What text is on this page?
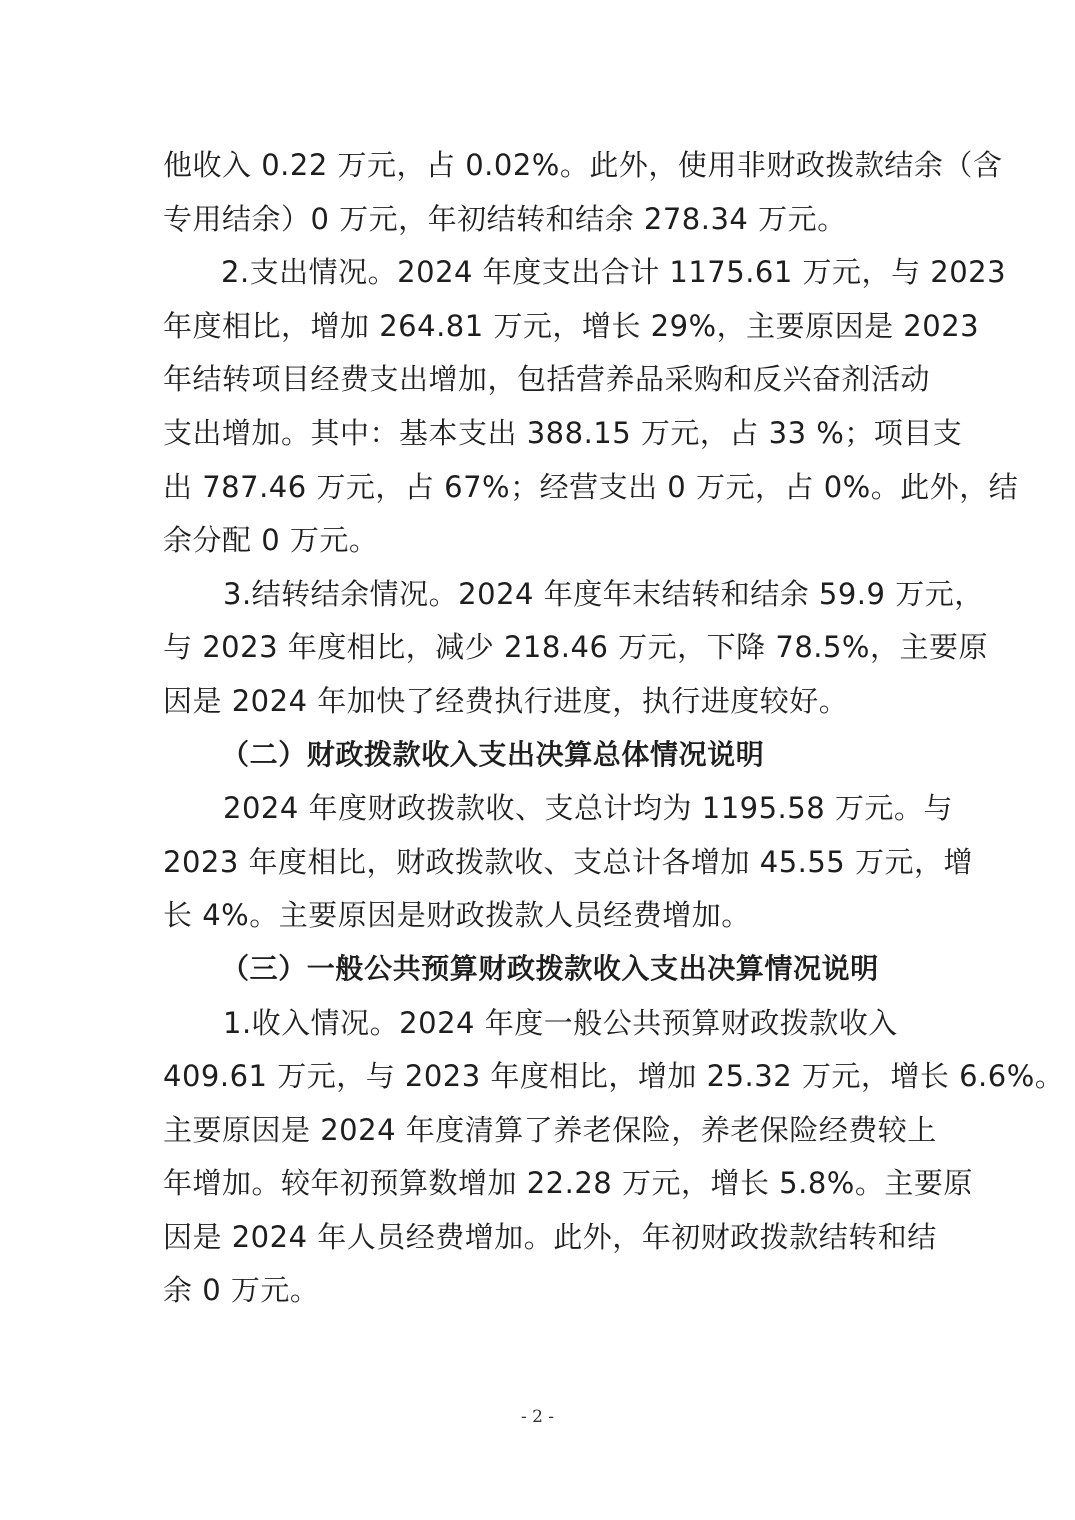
他收入 0.22 万元，占 0.02%。此外，使用非财政拨款结余（含
专用结余）0 万元，年初结转和结余 278.34 万元。
2.支出情况。2024 年度支出合计 1175.61 万元，与 2023
年度相比，增加 264.81 万元，增长 29%，主要原因是 2023
年结转项目经费支出增加，包括营养品采购和反兴奋剂活动
支出增加。其中：基本支出 388.15 万元，占 33 %；项目支
出 787.46 万元，占 67%；经营支出 0 万元，占 0%。此外，结
余分配 0 万元。
3.结转结余情况。2024 年度年末结转和结余 59.9 万元，
与 2023 年度相比，减少 218.46 万元，下降 78.5%，主要原
因是 2024 年加快了经费执行进度，执行进度较好。
（二）财政拨款收入支出决算总体情况说明
2024 年度财政拨款收、支总计均为 1195.58 万元。与
2023 年度相比，财政拨款收、支总计各增加 45.55 万元，增
长 4%。主要原因是财政拨款人员经费增加。
（三）一般公共预算财政拨款收入支出决算情况说明
1.收入情况。2024 年度一般公共预算财政拨款收入
409.61 万元，与 2023 年度相比，增加 25.32 万元，增长 6.6%。
主要原因是 2024 年度清算了养老保险，养老保险经费较上
年增加。较年初预算数增加 22.28 万元，增长 5.8%。主要原
因是 2024 年人员经费增加。此外，年初财政拨款结转和结
余 0 万元。
- 2 -
